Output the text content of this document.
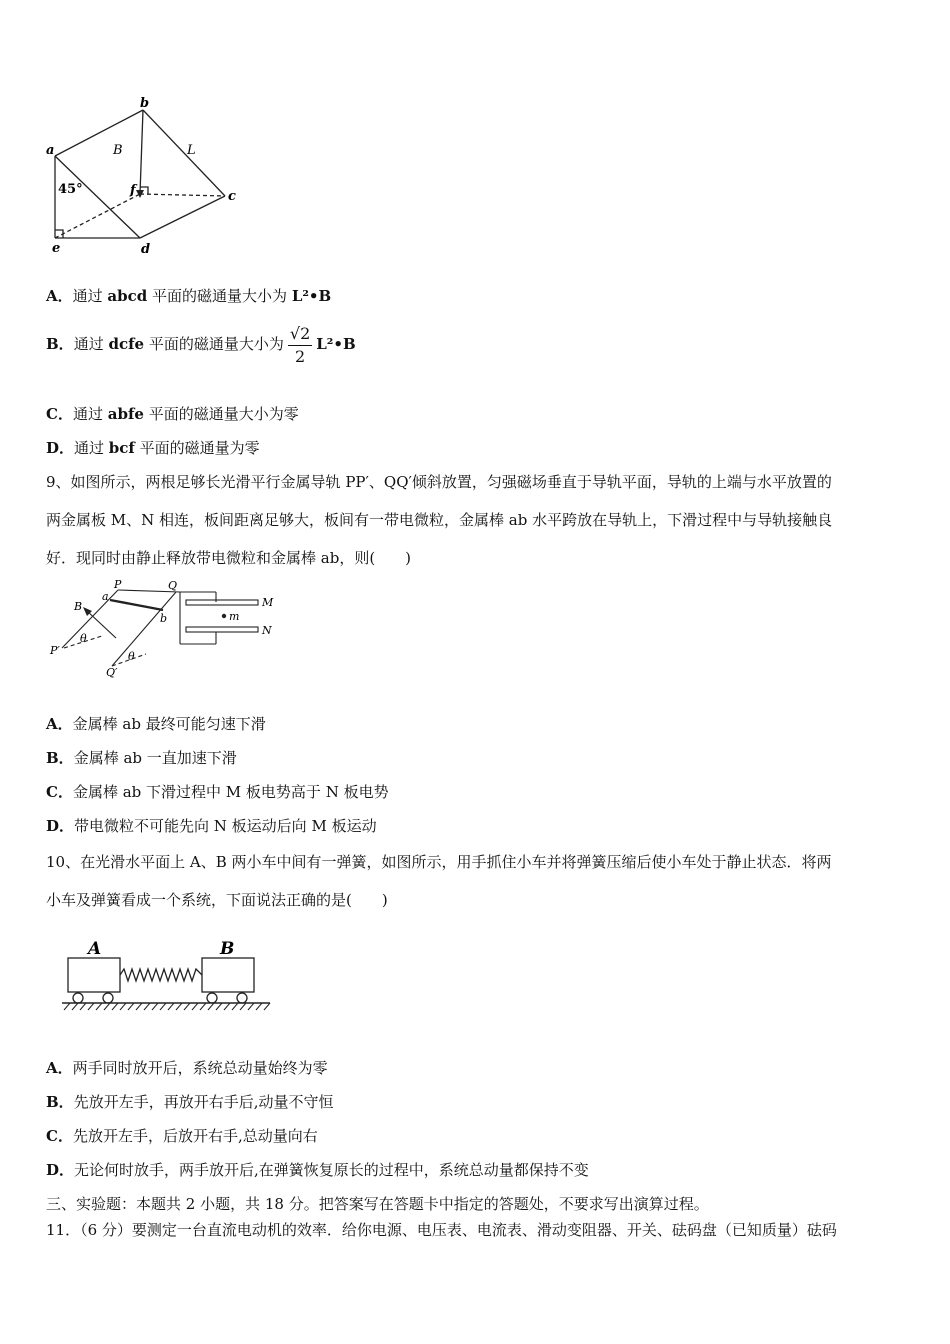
a
b
c
d
e
f
B	L
45°
A．通过 abcd 平面的磁通量大小为 L²•B
B．通过 dcfe 平面的磁通量大小为 $\frac{√2}{2}$ L²•B
C．通过 abfe 平面的磁通量大小为零
D．通过 bcf 平面的磁通量为零
9、如图所示，两根足够长光滑平行金属导轨 PP′、QQ′倾斜放置，匀强磁场垂直于导轨平面，导轨的上端与水平放置的
两金属板 M、N 相连，板间距离足够大，板间有一带电微粒，金属棒 ab 水平跨放在导轨上，下滑过程中与导轨接触良
好．现同时由静止释放带电微粒和金属棒 ab，则(　　)
P	Q
a
b
B	M
N
m
P′
Q′
θ
θ
A．金属棒 ab 最终可能匀速下滑
B．金属棒 ab 一直加速下滑
C．金属棒 ab 下滑过程中 M 板电势高于 N 板电势
D．带电微粒不可能先向 N 板运动后向 M 板运动
10、在光滑水平面上 A、B 两小车中间有一弹簧，如图所示，用手抓住小车并将弹簧压缩后使小车处于静止状态．将两
小车及弹簧看成一个系统，下面说法正确的是(　　)
A	B
A．两手同时放开后，系统总动量始终为零
B．先放开左手，再放开右手后,动量不守恒
C．先放开左手，后放开右手,总动量向右
D．无论何时放手，两手放开后,在弹簧恢复原长的过程中，系统总动量都保持不变
三、实验题：本题共 2 小题，共 18 分。把答案写在答题卡中指定的答题处，不要求写出演算过程。
11．（6 分）要测定一台直流电动机的效率．给你电源、电压表、电流表、滑动变阻器、开关、砝码盘（已知质量）砝码
